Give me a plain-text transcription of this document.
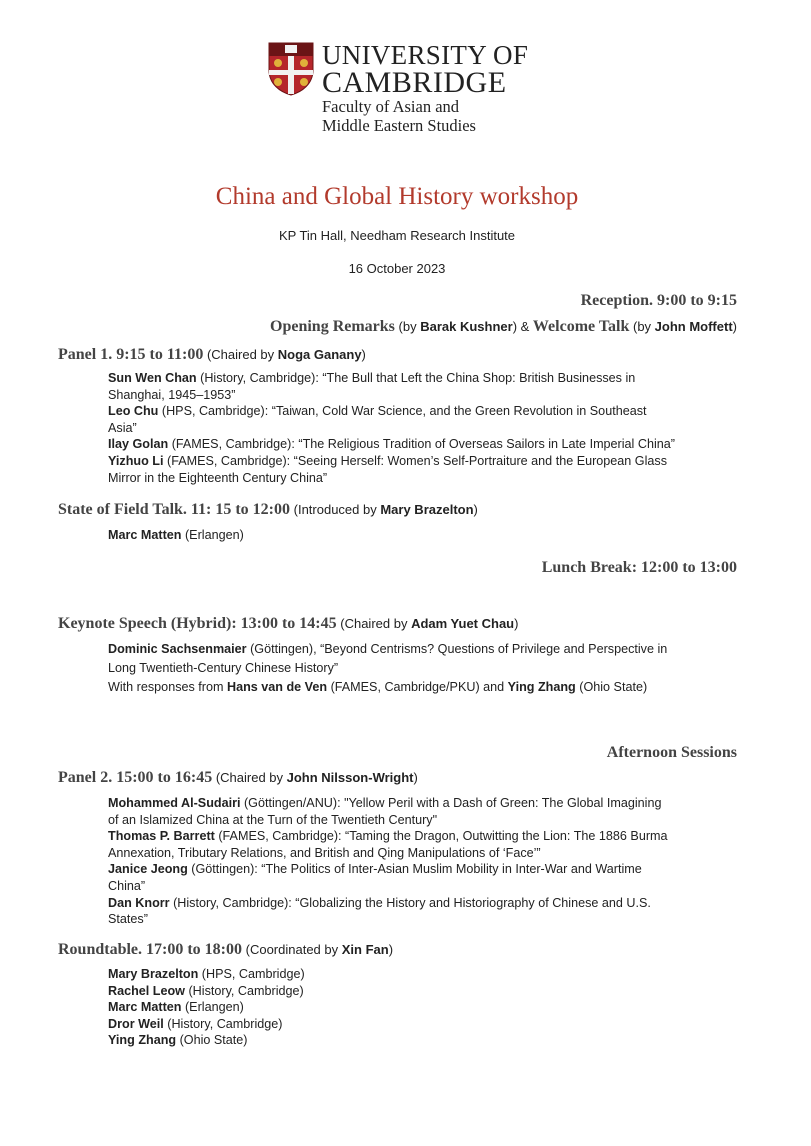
UNIVERSITY OF
CAMBRIDGE
Faculty of Asian and
Middle Eastern Studies
China and Global History workshop
KP Tin Hall, Needham Research Institute
16 October 2023
Reception. 9:00 to 9:15
Opening Remarks (by Barak Kushner) & Welcome Talk (by John Moffett)
Panel 1. 9:15 to 11:00 (Chaired by Noga Ganany)

Sun Wen Chan (History, Cambridge): “The Bull that Left the China Shop: British Businesses in
Shanghai, 1945–1953”

Leo Chu (HPS, Cambridge): “Taiwan, Cold War Science, and the Green Revolution in Southeast
Asia”

Ilay Golan (FAMES, Cambridge): “The Religious Tradition of Overseas Sailors in Late Imperial China”

Yizhuo Li (FAMES, Cambridge): “Seeing Herself: Women’s Self-Portraiture and the European Glass
Mirror in the Eighteenth Century China”

State of Field Talk. 11: 15 to 12:00 (Introduced by Mary Brazelton)

Marc Matten (Erlangen)

Lunch Break: 12:00 to 13:00
Keynote Speech (Hybrid): 13:00 to 14:45 (Chaired by Adam Yuet Chau)

Dominic Sachsenmaier (Göttingen), “Beyond Centrisms? Questions of Privilege and Perspective in
Long Twentieth-Century Chinese History”

With responses from Hans van de Ven (FAMES, Cambridge/PKU) and Ying Zhang (Ohio State)

Afternoon Sessions
Panel 2. 15:00 to 16:45 (Chaired by John Nilsson-Wright)

Mohammed Al-Sudairi (Göttingen/ANU): "Yellow Peril with a Dash of Green: The Global Imagining
of an Islamized China at the Turn of the Twentieth Century"

Thomas P. Barrett (FAMES, Cambridge): “Taming the Dragon, Outwitting the Lion: The 1886 Burma
Annexation, Tributary Relations, and British and Qing Manipulations of ‘Face’”

Janice Jeong (Göttingen): “The Politics of Inter-Asian Muslim Mobility in Inter-War and Wartime
China”

Dan Knorr (History, Cambridge): “Globalizing the History and Historiography of Chinese and U.S.
States”

Roundtable. 17:00 to 18:00 (Coordinated by Xin Fan)

Mary Brazelton (HPS, Cambridge)

Rachel Leow (History, Cambridge)

Marc Matten (Erlangen)

Dror Weil (History, Cambridge)

Ying Zhang (Ohio State)
